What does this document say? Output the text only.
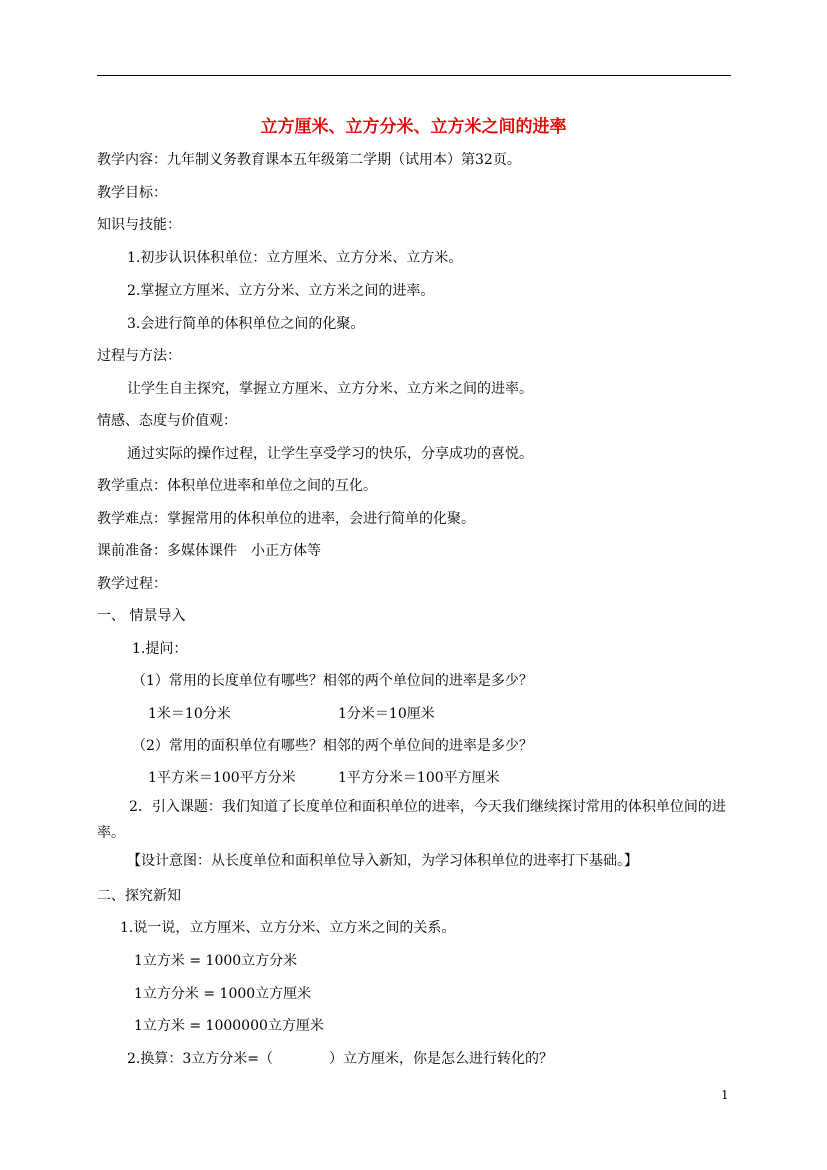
立方厘米、立方分米、立方米之间的进率
教学内容：九年制义务教育课本五年级第二学期（试用本）第32页。
教学目标：
知识与技能：
1.初步认识体积单位：立方厘米、立方分米、立方米。
2.掌握立方厘米、立方分米、立方米之间的进率。
3.会进行简单的体积单位之间的化聚。
过程与方法：
让学生自主探究，掌握立方厘米、立方分米、立方米之间的进率。
情感、态度与价值观：
通过实际的操作过程，让学生享受学习的快乐，分享成功的喜悦。
教学重点：体积单位进率和单位之间的互化。
教学难点：掌握常用的体积单位的进率，会进行简单的化聚。
课前准备：多媒体课件　小正方体等
教学过程：
一、 情景导入
1.提问：
（1）常用的长度单位有哪些？相邻的两个单位间的进率是多少？
1米＝10分米	1分米＝10厘米
（2）常用的面积单位有哪些？相邻的两个单位间的进率是多少？
1平方米＝100平方分米	1平方分米＝100平方厘米
2．引入课题：我们知道了长度单位和面积单位的进率，今天我们继续探讨常用的体积单位间的进率。
【设计意图：从长度单位和面积单位导入新知，为学习体积单位的进率打下基础。】
二、探究新知
1.说一说，立方厘米、立方分米、立方米之间的关系。
1立方米 = 1000立方分米
1立方分米 = 1000立方厘米
1立方米 = 1000000立方厘米
2.换算：3立方分米=（　　　　）立方厘米，你是怎么进行转化的？
1
